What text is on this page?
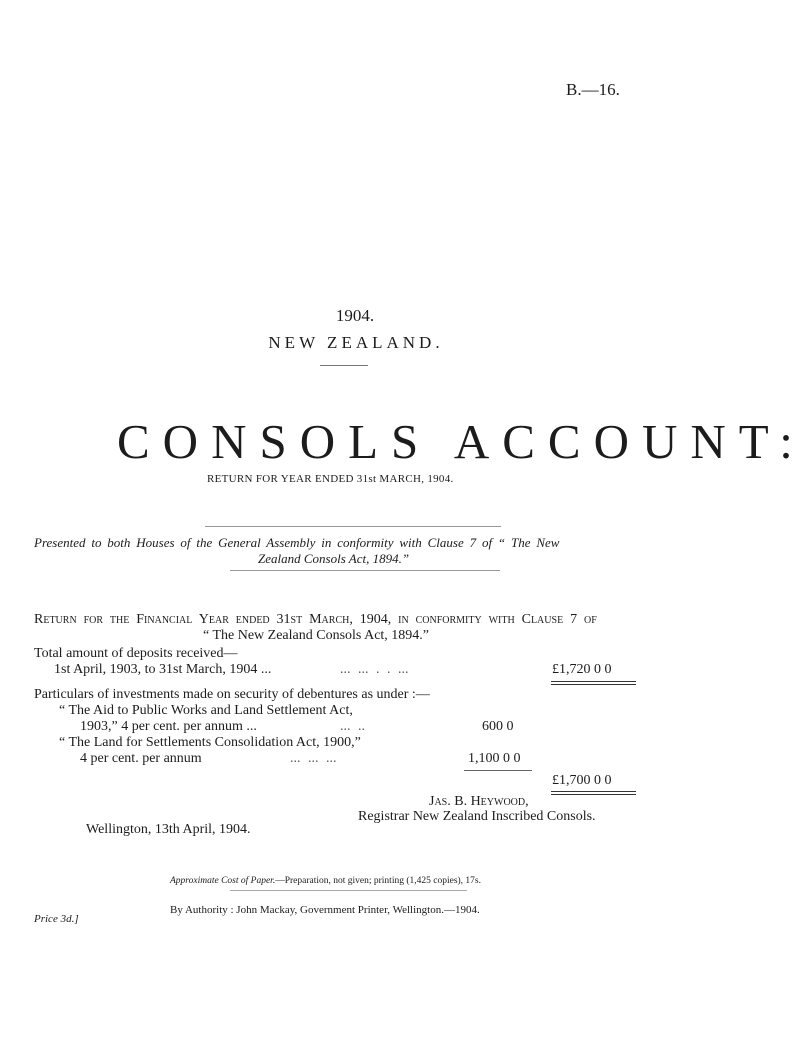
B.—16.
1904.
NEW ZEALAND.
CONSOLS ACCOUNT:
RETURN FOR YEAR ENDED 31st MARCH, 1904.
Presented to both Houses of the General Assembly in conformity with Clause 7 of “ The New
Zealand Consols Act, 1894.”
Return for the Financial Year ended 31st March, 1904, in conformity with Clause 7 of
“ The New Zealand Consols Act, 1894.”
Total amount of deposits received—
1st April, 1903, to 31st March, 1904 ...	... ... . . ...	£1,720 0 0
Particulars of investments made on security of debentures as under :—
“ The Aid to Public Works and Land Settlement Act,
1903,” 4 per cent. per annum ...	... ..	600 0
“ The Land for Settlements Consolidation Act, 1900,”
4 per cent. per annum	... ... ...	1,100 0 0
£1,700 0 0
Jas. B. Heywood,
Registrar New Zealand Inscribed Consols.
Wellington, 13th April, 1904.
Approximate Cost of Paper.—Preparation, not given; printing (1,425 copies), 17s.
By Authority : John Mackay, Government Printer, Wellington.—1904.
Price 3d.]
